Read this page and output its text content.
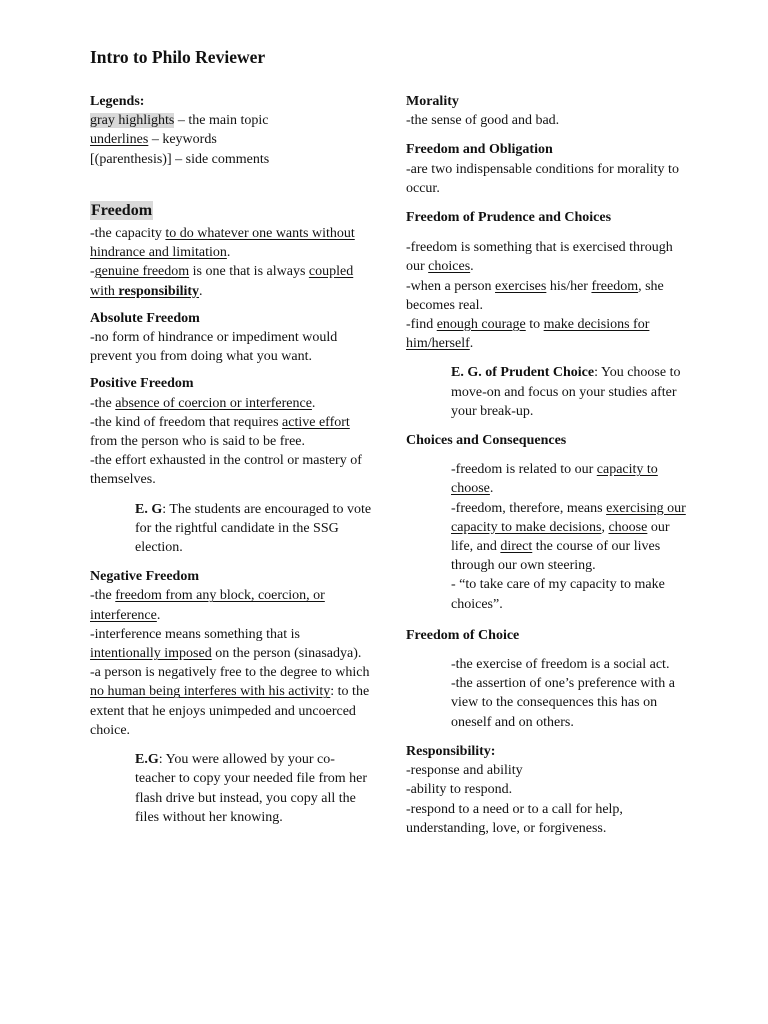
Intro to Philo Reviewer

Legends:

gray highlights – the main topic

underlines – keywords

[(parenthesis)] – side comments

Freedom

-the capacity to do whatever one wants without hindrance and limitation.

-genuine freedom is one that is always coupled with responsibility.

Absolute Freedom

-no form of hindrance or impediment would prevent you from doing what you want.

Positive Freedom

-the absence of coercion or interference.

-the kind of freedom that requires active effort from the person who is said to be free.

-the effort exhausted in the control or mastery of themselves.

E. G: The students are encouraged to vote for the rightful candidate in the SSG election.

Negative Freedom

-the freedom from any block, coercion, or interference.

-interference means something that is intentionally imposed on the person (sinasadya).

-a person is negatively free to the degree to which no human being interferes with his activity: to the extent that he enjoys unimpeded and uncoerced choice.

E.G: You were allowed by your co-teacher to copy your needed file from her flash drive but instead, you copy all the files without her knowing.

Morality

-the sense of good and bad.

Freedom and Obligation

-are two indispensable conditions for morality to occur.

Freedom of Prudence and Choices

-freedom is something that is exercised through our choices.

-when a person exercises his/her freedom, she becomes real.

-find enough courage to make decisions for him/herself.

E. G. of Prudent Choice: You choose to move-on and focus on your studies after your break-up.

Choices and Consequences

-freedom is related to our capacity to choose.

-freedom, therefore, means exercising our capacity to make decisions, choose our life, and direct the course of our lives through our own steering.

- “to take care of my capacity to make choices”.

Freedom of Choice

-the exercise of freedom is a social act.

-the assertion of one’s preference with a view to the consequences this has on oneself and on others.

Responsibility:

-response and ability

-ability to respond.

-respond to a need or to a call for help, understanding, love, or forgiveness.
